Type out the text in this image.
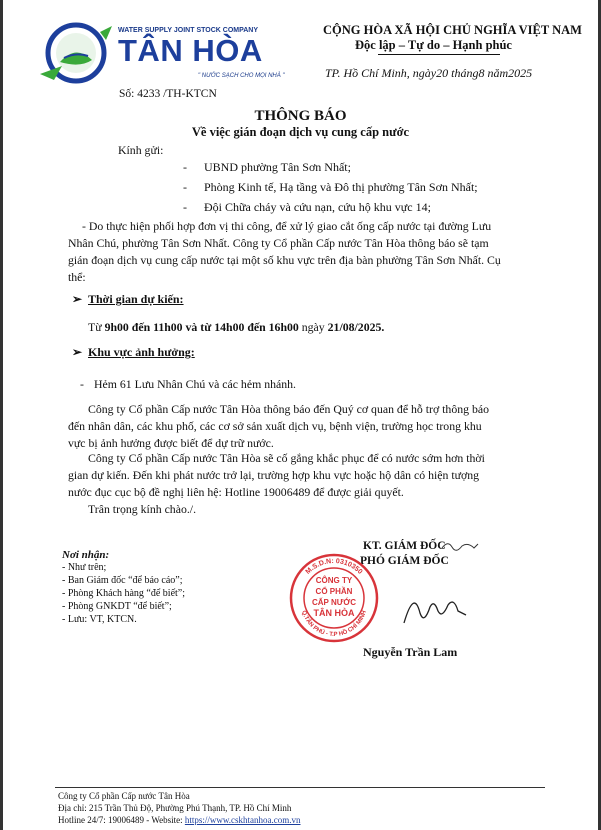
WATER SUPPLY JOINT STOCK COMPANY
TÂN HÒA
" NƯỚC SẠCH CHO MỌI NHÀ "
CỘNG HÒA XÃ HỘI CHỦ NGHĨA VIỆT NAM
Độc lập – Tự do – Hạnh phúc
TP. Hồ Chí Minh, ngày20 tháng8 năm2025
Số: 4233 /TH-KTCN
THÔNG BÁO
Về việc gián đoạn dịch vụ cung cấp nước
Kính gửi:
- UBND phường Tân Sơn Nhất;
- Phòng Kinh tế, Hạ tầng và Đô thị phường Tân Sơn Nhất;
- Đội Chữa cháy và cứu nạn, cứu hộ khu vực 14;
- Do thực hiện phối hợp đơn vị thi công, để xử lý giao cắt ống cấp nước tại đường Lưu
Nhân Chú, phường Tân Sơn Nhất. Công ty Cổ phần Cấp nước Tân Hòa thông báo sẽ tạm
gián đoạn dịch vụ cung cấp nước tại một số khu vực trên địa bàn phường Tân Sơn Nhất. Cụ
thể:
➢ Thời gian dự kiến:
Từ 9h00 đến 11h00 và từ 14h00 đến 16h00 ngày 21/08/2025.
➢ Khu vực ảnh hưởng:
- Hẻm 61 Lưu Nhân Chú và các hẻm nhánh.
Công ty Cổ phần Cấp nước Tân Hòa thông báo đến Quý cơ quan để hỗ trợ thông báo
đến nhân dân, các khu phố, các cơ sở sản xuất dịch vụ, bệnh viện, trường học trong khu
vực bị ảnh hưởng được biết để dự trữ nước.
Công ty Cổ phần Cấp nước Tân Hòa sẽ cố gắng khắc phục để có nước sớm hơn thời
gian dự kiến. Đến khi phát nước trở lại, trường hợp khu vực hoặc hộ dân có hiện tượng
nước đục cục bộ đề nghị liên hệ: Hotline 19006489 để được giải quyết.
Trân trọng kính chào./.
Nơi nhận:
- Như trên;
- Ban Giám đốc “để báo cáo”;
- Phòng Khách hàng “để biết”;
- Phòng GNKDT “để biết”;
- Lưu: VT, KTCN.
KT. GIÁM ĐỐC
PHÓ GIÁM ĐỐC
M.S.D.N: 0310350
Q.TÂN PHÚ - T.P HỒ CHÍ MINH
CÔNG TY
CỔ PHẦN
CẤP NƯỚC
TÂN HÒA
Nguyễn Trần Lam
Công ty Cổ phần Cấp nước Tân Hòa
Địa chỉ: 215 Trần Thủ Độ, Phường Phú Thạnh, TP. Hồ Chí Minh
Hotline 24/7: 19006489 - Website: https://www.cskhtanhoa.com.vn
